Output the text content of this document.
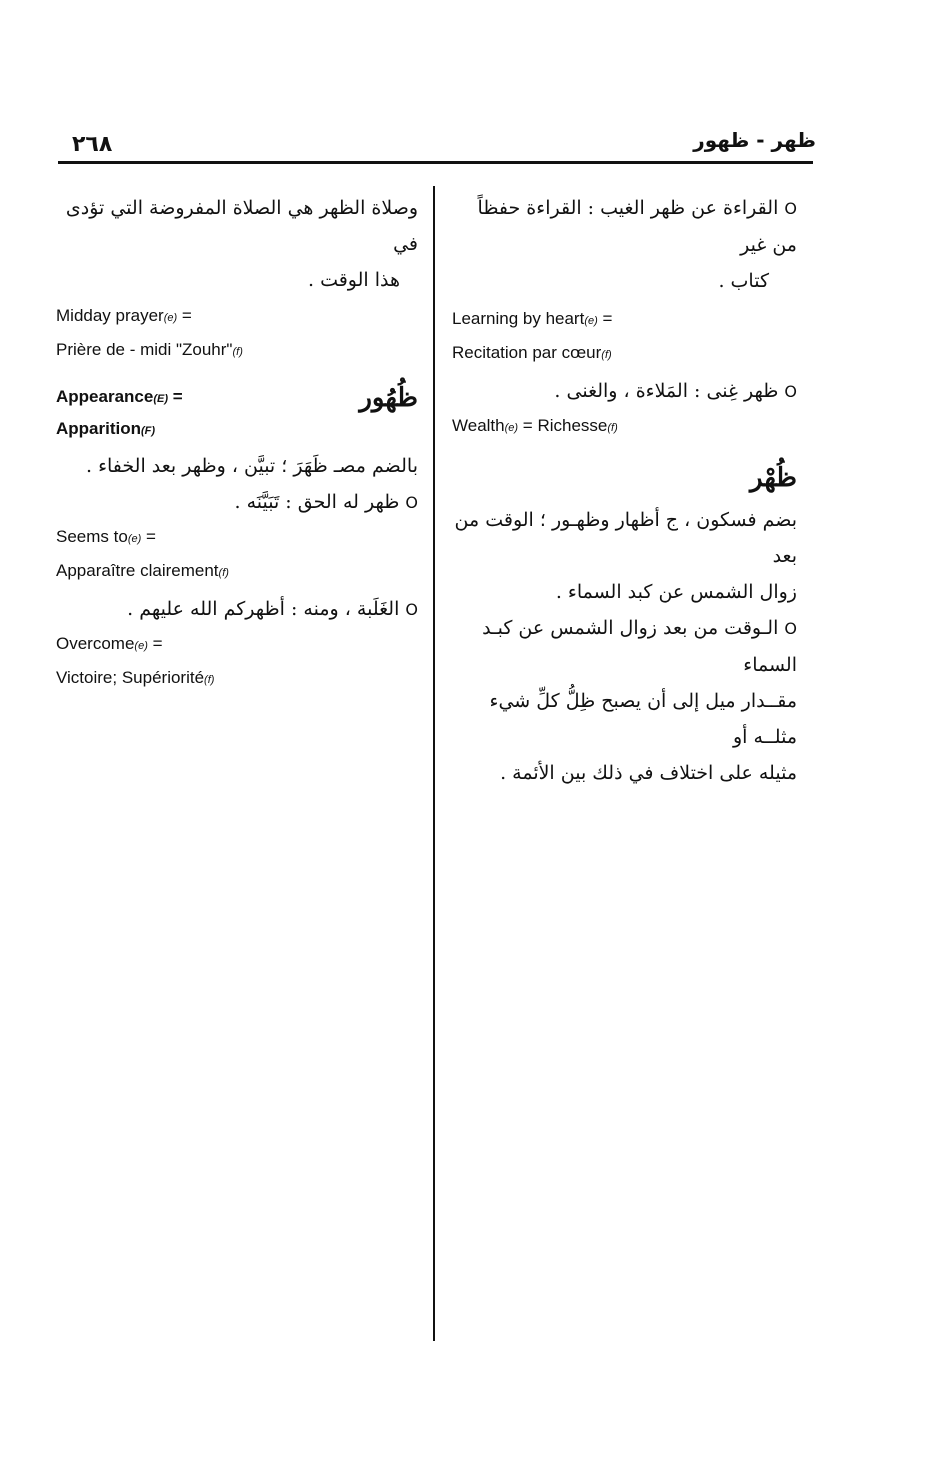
٢٦٨	ظهر - ظهور

O القراءة عن ظهر الغيب : القراءة حفظاً من غير

كتاب .

Learning by heart(e) =

Recitation par cœur(f)

O ظهر غِنى : المَلاءة ، والغنى .

Wealth(e) = Richesse(f)

ظُهْر

بضم فسكون ، ج أظهار وظهـور ؛ الوقت من بعد

زوال الشمس عن كبد السماء .

O الـوقت من بعد زوال الشمس عن كبـد السماء

مقــدار ميل إلى أن يصبح ظِلُّ كلِّ شيء مثلــه أو

مثيله على اختلاف في ذلك بين الأئمة .

وصلاة الظهر هي الصلاة المفروضة التي تؤدى في

هذا الوقت .

Midday prayer(e) =

Prière de - midi "Zouhr"(f)

ظُهُور

Appearance(E) =

Apparition(F)

بالضم مصـ ظَهَرَ ؛ تبيَّن ، وظهر بعد الخفاء .

O ظهر له الحق : تَبَيَّنَه .

Seems to(e) =

Apparaître clairement(f)

O الغَلَبة ، ومنه : أظهركم الله عليهم .

Overcome(e) =

Victoire; Supériorité(f)
